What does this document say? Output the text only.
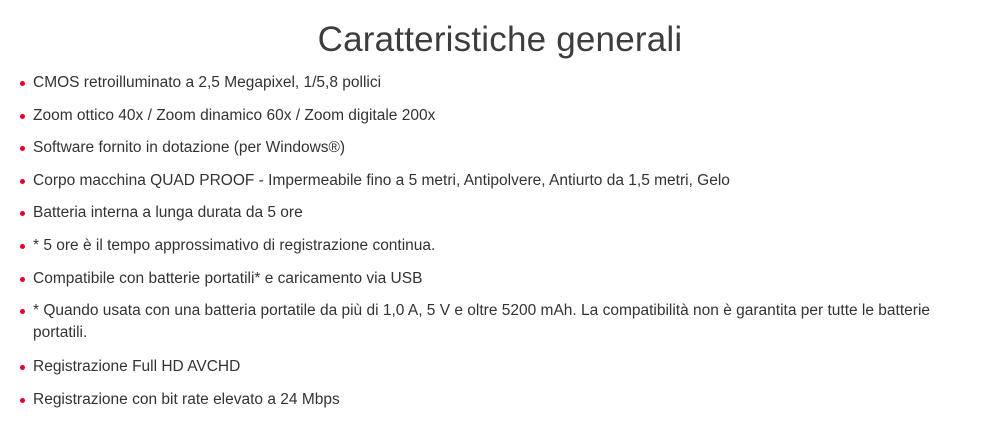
Caratteristiche generali
CMOS retroilluminato a 2,5 Megapixel, 1/5,8 pollici
Zoom ottico 40x / Zoom dinamico 60x / Zoom digitale 200x
Software fornito in dotazione (per Windows®)
Corpo macchina QUAD PROOF - Impermeabile fino a 5 metri, Antipolvere, Antiurto da 1,5 metri, Gelo
Batteria interna a lunga durata da 5 ore
* 5 ore è il tempo approssimativo di registrazione continua.
Compatibile con batterie portatili* e caricamento via USB
* Quando usata con una batteria portatile da più di 1,0 A, 5 V e oltre 5200 mAh. La compatibilità non è garantita per tutte le batterie portatili.
Registrazione Full HD AVCHD
Registrazione con bit rate elevato a 24 Mbps
